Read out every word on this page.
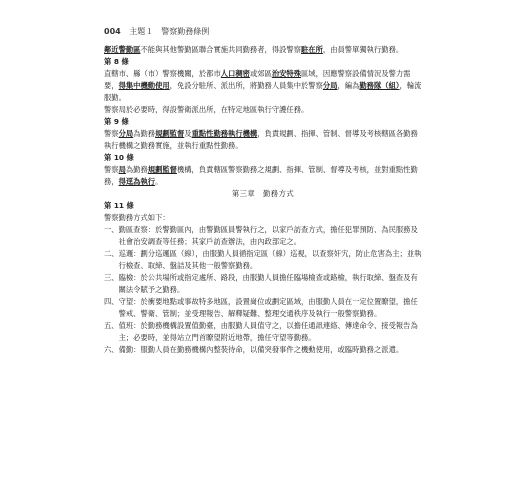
004 主題１　警察勤務條例

鄰近警勤區不能與其他警勤區聯合實施共同勤務者，得設警察駐在所，由員警單獨執行勤務。

第 8 條

直轄市、縣（市）警察機關，於都市人口稠密或郊區治安特殊區域，因應警察設備情況及警力需要，得集中機動使用，免設分駐所、派出所，將勤務人員集中於警察分局，編為勤務隊（組），輪流服勤。

警察局於必要時，得設警衛派出所，在特定地區執行守護任務。

第 9 條

警察分局為勤務規劃監督及重點性勤務執行機構，負責規劃、指揮、管制、督導及考核轄區各勤務執行機構之勤務實施，並執行重點性勤務。

第 10 條

警察局為勤務規劃監督機構，負責轄區警察勤務之規劃、指揮、管制、督導及考核，並對重點性勤務，得逕為執行。

第三章　勤務方式

第 11 條

警察勤務方式如下：

一、 勤區查察：於警勤區內，由警勤區員警執行之，以家戶訪查方式，擔任犯罪預防、為民服務及社會治安調查等任務；其家戶訪查辦法，由內政部定之。
二、 巡邏：劃分巡邏區（線），由服勤人員循指定區（線）巡視，以查察奸宄，防止危害為主；並執行檢查、取締、盤詰及其他一般警察勤務。
三、 臨檢：於公共場所或指定處所、路段，由服勤人員擔任臨場檢查或路檢，執行取締、盤查及有關法令賦予之勤務。
四、 守望：於衝要地點或事故特多地區，設置崗位或劃定區域，由服勤人員在一定位置瞭望，擔任警戒、警衛、管制；並受理報告、解釋疑難、整理交通秩序及執行一般警察勤務。
五、 值班：於勤務機構設置值勤臺，由服勤人員值守之，以擔任通訊連絡、傳達命令、接受報告為主；必要時，並得站立門首瞭望附近地帶，擔任守望等勤務。
六、 備勤：服勤人員在勤務機構內整裝待命，以備突發事件之機動使用，或臨時勤務之派遣。
